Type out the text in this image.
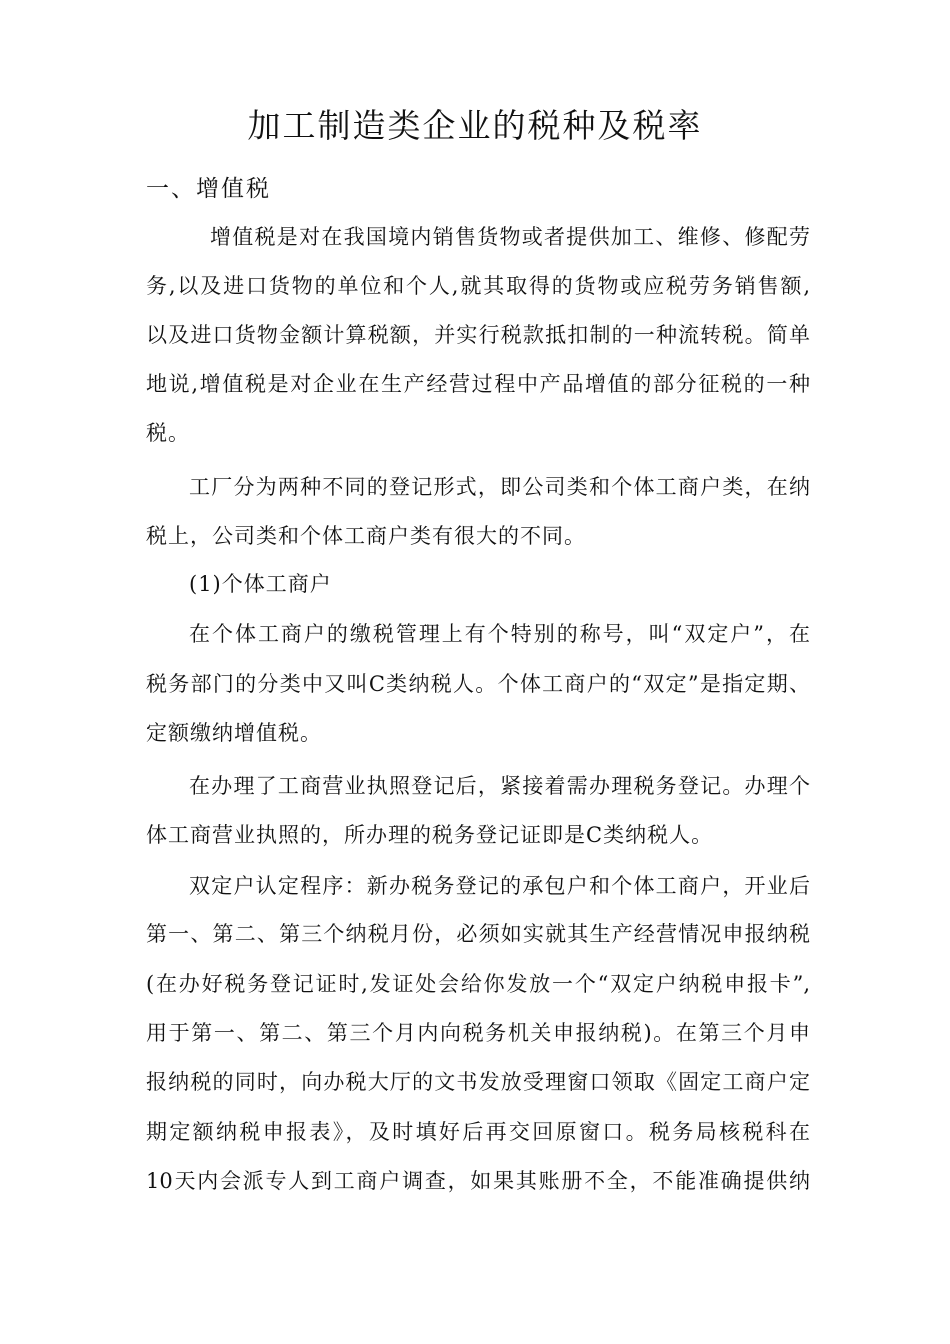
加工制造类企业的税种及税率
一、增值税
增值税是对在我国境内销售货物或者提供加工、维修、修配劳
务,以及进口货物的单位和个人,就其取得的货物或应税劳务销售额,
以及进口货物金额计算税额，并实行税款抵扣制的一种流转税。简单
地说,增值税是对企业在生产经营过程中产品增值的部分征税的一种
税。
工厂分为两种不同的登记形式，即公司类和个体工商户类，在纳
税上，公司类和个体工商户类有很大的不同。
(1)个体工商户
在个体工商户的缴税管理上有个特别的称号，叫“双定户”，在
税务部门的分类中又叫C类纳税人。个体工商户的“双定”是指定期、
定额缴纳增值税。
在办理了工商营业执照登记后，紧接着需办理税务登记。办理个
体工商营业执照的，所办理的税务登记证即是C类纳税人。
双定户认定程序：新办税务登记的承包户和个体工商户，开业后
第一、第二、第三个纳税月份，必须如实就其生产经营情况申报纳税
(在办好税务登记证时,发证处会给你发放一个“双定户纳税申报卡”,
用于第一、第二、第三个月内向税务机关申报纳税)。在第三个月申
报纳税的同时，向办税大厅的文书发放受理窗口领取《固定工商户定
期定额纳税申报表》，及时填好后再交回原窗口。税务局核税科在
10天内会派专人到工商户调查，如果其账册不全，不能准确提供纳
